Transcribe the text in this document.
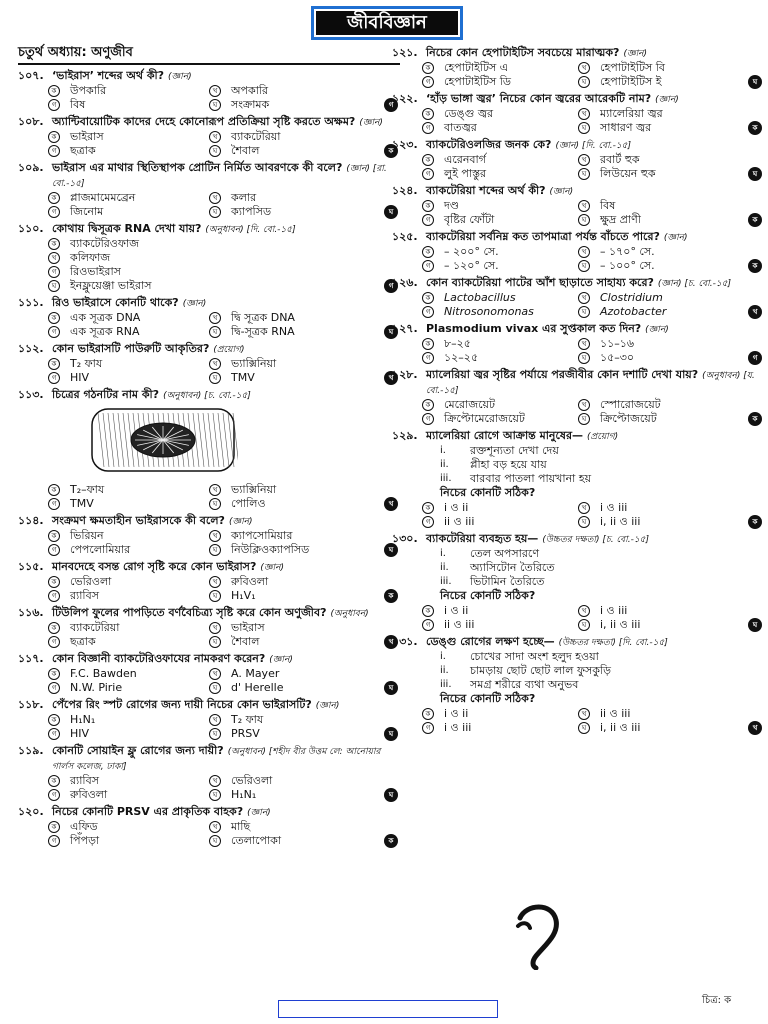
জীববিজ্ঞান
চতুর্থ অধ্যায়: অণুজীব
১০৭. ‘ভাইরাস’ শব্দের অর্থ কী? (জ্ঞান)
ক	উপকারি	খ	অপকারি
গ	বিষ	ঘ	সংক্রামক	গ
১০৮. অ্যান্টিবায়োটিক কাদের দেহে কোনোরূপ প্রতিক্রিয়া সৃষ্টি করতে অক্ষম? (জ্ঞান)
ক	ভাইরাস	খ	ব্যাকটেরিয়া
গ	ছত্রাক	ঘ	শৈবাল	ক
১০৯. ভাইরাস এর মাথার স্থিতিস্থাপক প্রোটিন নির্মিত আবরণকে কী বলে? (জ্ঞান) [রা. বো.-১৫]
ক	প্লাজমামেমব্রেন	খ	কলার
গ	জিনোম	ঘ	ক্যাপসিড	ঘ
১১০. কোথায় দ্বিসূত্রক RNA দেখা যায়? (অনুধাবন) [দি. বো.-১৫]
ক	ব্যাকটেরিওফাজ
খ	কলিফাজ
গ	রিওভাইরাস
ঘ	ইনফ্লুয়েঞ্জা ভাইরাস	গ
১১১. রিও ভাইরাসে কোনটি থাকে? (জ্ঞান)
ক	এক সূত্রক DNA	খ	দ্বি সূত্রক DNA
গ	এক সূত্রক RNA	ঘ	দ্বি-সূত্রক RNA	ঘ
১১২. কোন ভাইরাসটি পাউরুটি আকৃতির? (প্রয়োগ)
ক	T₂ ফায	খ	ভ্যাক্সিনিয়া
গ	HIV	ঘ	TMV	খ
১১৩. চিত্রের গঠনটির নাম কী? (অনুধাবন) [চ. বো.-১৫]
ক	T₂–ফায	খ	ভ্যাক্সিনিয়া
গ	TMV	ঘ	পোলিও	খ
১১৪. সংক্রমণ ক্ষমতাহীন ভাইরাসকে কী বলে? (জ্ঞান)
ক	ভিরিয়ন	খ	ক্যাপসোমিয়ার
গ	পেপলোমিয়ার	ঘ	নিউক্লিওক্যাপসিড	ঘ
১১৫. মানবদেহে বসন্ত রোগ সৃষ্টি করে কোন ভাইরাস? (জ্ঞান)
ক	ভেরিওলা	খ	রুবিওলা
গ	র‌্যাবিস	ঘ	H₁V₁	ক
১১৬. টিউলিপ ফুলের পাপড়িতে বর্ণবৈচিত্র্য সৃষ্টি করে কোন অণুজীব? (অনুধাবন)
ক	ব্যাকটেরিয়া	খ	ভাইরাস
গ	ছত্রাক	ঘ	শৈবাল	খ
১১৭. কোন বিজ্ঞানী ব্যাকটেরিওফাযের নামকরণ করেন? (জ্ঞান)
ক	F.C. Bawden	খ	A. Mayer
গ	N.W. Pirie	ঘ	d' Herelle	ঘ
১১৮. পেঁপের রিং স্পট রোগের জন্য দায়ী নিচের কোন ভাইরাসটি? (জ্ঞান)
ক	H₁N₁	খ	T₂ ফায
গ	HIV	ঘ	PRSV	ঘ
১১৯. কোনটি সোয়াইন ফ্লু রোগের জন্য দায়ী? (অনুধাবন) [শহীদ বীর উত্তম লে: আনোয়ার গার্লস কলেজ, ঢাকা]
ক	র‌্যাবিস	খ	ভেরিওলা
গ	রুবিওলা	ঘ	H₁N₁	ঘ
১২০. নিচের কোনটি PRSV এর প্রাকৃতিক বাহক? (জ্ঞান)
ক	এফিড	খ	মাছি
গ	পিঁপড়া	ঘ	তেলাপোকা	ক
১২১. নিচের কোন হেপাটাইটিস সবচেয়ে মারাত্মক? (জ্ঞান)
ক	হেপাটাইটিস এ	খ	হেপাটাইটিস বি
গ	হেপাটাইটিস ডি	ঘ	হেপাটাইটিস ই	ঘ
১২২. ‘হাঁড় ভাঙ্গা জ্বর’ নিচের কোন জ্বরের আরেকটি নাম? (জ্ঞান)
ক	ডেঙ্গু জ্বর	খ	ম্যালেরিয়া জ্বর
গ	বাতজ্বর	ঘ	সাধারণ জ্বর	ক
১২৩. ব্যাকটেরিওলজির জনক কে? (জ্ঞান) [দি. বো.-১৫]
ক	এরেনবার্গ	খ	রবার্ট হুক
গ	লুই পাস্তুর	ঘ	লিউয়েন হুক	ঘ
১২৪. ব্যাকটেরিয়া শব্দের অর্থ কী? (জ্ঞান)
ক	দণ্ড	খ	বিষ
গ	বৃষ্টির ফোঁটা	ঘ	ক্ষুদ্র প্রাণী	ক
১২৫. ব্যাকটেরিয়া সর্বনিম্ন কত তাপমাত্রা পর্যন্ত বাঁচতে পারে? (জ্ঞান)
ক	– ২০০° সে.	খ	– ১৭০° সে.
গ	– ১২০° সে.	ঘ	– ১০০° সে.	ক
১২৬. কোন ব্যাকটেরিয়া পাটের আঁশ ছাড়াতে সাহায্য করে? (জ্ঞান) [চ. বো.-১৫]
ক	Lactobacillus	খ	Clostridium
গ	Nitrosonomonas	ঘ	Azotobacter	খ
১২৭. Plasmodium vivax এর সুপ্তকাল কত দিন? (জ্ঞান)
ক	৮–২৫	খ	১১–১৬
গ	১২–২৫	ঘ	১৫–৩০	গ
১২৮. ম্যালেরিয়া জ্বর সৃষ্টির পর্যায়ে পরজীবীর কোন দশাটি দেখা যায়? (অনুধাবন) [য. বো.-১৫]
ক	মেরোজয়েট	খ	স্পোরোজয়েট
গ	ক্রিপ্টোমেরোজয়েট	ঘ	ক্রিপ্টোজয়েট	ক
১২৯. ম্যালেরিয়া রোগে আক্রান্ত মানুষের— (প্রয়োগ)
i.	রক্তশূন্যতা দেখা দেয়
ii.	প্লীহা বড় হয়ে যায়
iii.	বারবার পাতলা পায়খানা হয়
নিচের কোনটি সঠিক?
ক	i ও ii	খ	i ও iii
গ	ii ও iii	ঘ	i, ii ও iii	ক
১৩০. ব্যাকটেরিয়া ব্যবহৃত হয়— (উচ্চতর দক্ষতা) [চ. বো.-১৫]
i.	তেল অপসারণে
ii.	অ্যাসিটোন তৈরিতে
iii.	ভিটামিন তৈরিতে
নিচের কোনটি সঠিক?
ক	i ও ii	খ	i ও iii
গ	ii ও iii	ঘ	i, ii ও iii	ঘ
১৩১. ডেঙ্গু রোগের লক্ষণ হচ্ছে— (উচ্চতর দক্ষতা) [দি. বো.-১৫]
i.	চোখের সাদা অংশ হলুদ হওয়া
ii.	চামড়ায় ছোট ছোট লাল ফুসকুড়ি
iii.	সমগ্র শরীরে ব্যথা অনুভব
নিচের কোনটি সঠিক?
ক	i ও ii	খ	ii ও iii
গ	i ও iii	ঘ	i, ii ও iii	খ
চিত্র: ক
